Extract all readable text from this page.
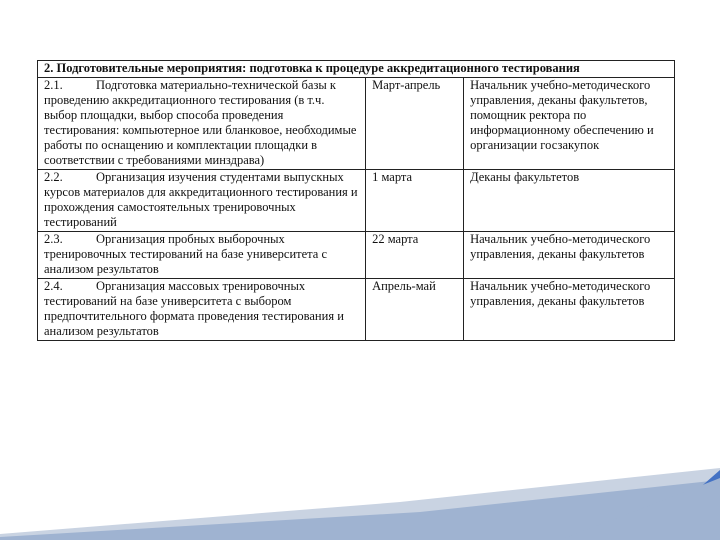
2. Подготовительные мероприятия: подготовка к процедуре аккредитационного тестирования		
2.1. Подготовка материально-технической базы к проведению аккредитационного тестирования (в т.ч. выбор площадки, выбор способа проведения тестирования: компьютерное или бланковое, необходимые работы по оснащению и комплектации площадки в соответствии с требованиями минздрава)	Март-апрель	Начальник учебно-методического управления, деканы факультетов, помощник ректора по информационному обеспечению и организации госзакупок
2.2. Организация изучения студентами выпускных курсов материалов для аккредитационного тестирования и прохождения самостоятельных тренировочных тестирований	1 марта	Деканы факультетов
2.3. Организация пробных выборочных тренировочных тестирований на базе университета с анализом результатов	22 марта	Начальник учебно-методического управления, деканы факультетов
2.4. Организация массовых тренировочных тестирований на базе университета с выбором предпочтительного формата проведения тестирования и анализом результатов	Апрель-май	Начальник учебно-методического управления, деканы факультетов
